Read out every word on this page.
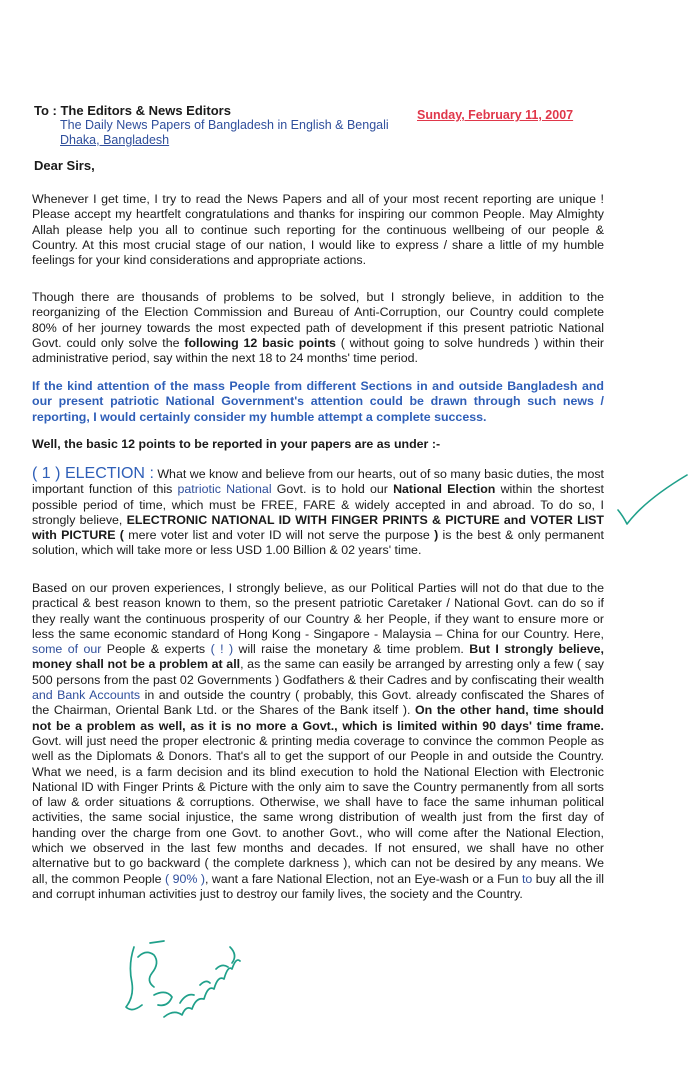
To : The Editors & News Editors
The Daily News Papers of Bangladesh in English & Bengali
Dhaka, Bangladesh
Sunday, February 11, 2007
Dear Sirs,
Whenever I get time, I try to read the News Papers and all of your most recent reporting are unique ! Please accept my heartfelt congratulations and thanks for inspiring our common People. May Almighty Allah please help you all to continue such reporting for the continuous wellbeing of our people & Country. At this most crucial stage of our nation, I would like to express / share a little of my humble feelings for your kind considerations and appropriate actions.
Though there are thousands of problems to be solved, but I strongly believe, in addition to the reorganizing of the Election Commission and Bureau of Anti-Corruption, our Country could complete 80% of her journey towards the most expected path of development if this present patriotic National Govt. could only solve the following 12 basic points ( without going to solve hundreds ) within their administrative period, say within the next 18 to 24 months' time period.
If the kind attention of the mass People from different Sections in and outside Bangladesh and our present patriotic National Government's attention could be drawn through such news / reporting, I would certainly consider my humble attempt a complete success.
Well, the basic 12 points to be reported in your papers are as under :-
( 1 ) ELECTION : What we know and believe from our hearts, out of so many basic duties, the most important function of this patriotic National Govt. is to hold our National Election within the shortest possible period of time, which must be FREE, FARE & widely accepted in and abroad. To do so, I strongly believe, ELECTRONIC NATIONAL ID WITH FINGER PRINTS & PICTURE and VOTER LIST with PICTURE ( mere voter list and voter ID will not serve the purpose ) is the best & only permanent solution, which will take more or less USD 1.00 Billion & 02 years' time.
Based on our proven experiences, I strongly believe, as our Political Parties will not do that due to the practical & best reason known to them, so the present patriotic Caretaker / National Govt. can do so if they really want the continuous prosperity of our Country & her People, if they want to ensure more or less the same economic standard of Hong Kong - Singapore - Malaysia – China for our Country. Here, some of our People & experts ( ! ) will raise the monetary & time problem. But I strongly believe, money shall not be a problem at all, as the same can easily be arranged by arresting only a few ( say 500 persons from the past 02 Governments ) Godfathers & their Cadres and by confiscating their wealth and Bank Accounts in and outside the country ( probably, this Govt. already confiscated the Shares of the Chairman, Oriental Bank Ltd. or the Shares of the Bank itself ). On the other hand, time should not be a problem as well, as it is no more a Govt., which is limited within 90 days' time frame. Govt. will just need the proper electronic & printing media coverage to convince the common People as well as the Diplomats & Donors. That's all to get the support of our People in and outside the Country. What we need, is a farm decision and its blind execution to hold the National Election with Electronic National ID with Finger Prints & Picture with the only aim to save the Country permanently from all sorts of law & order situations & corruptions. Otherwise, we shall have to face the same inhuman political activities, the same social injustice, the same wrong distribution of wealth just from the first day of handing over the charge from one Govt. to another Govt., who will come after the National Election, which we observed in the last few months and decades. If not ensured, we shall have no other alternative but to go backward ( the complete darkness ), which can not be desired by any means. We all, the common People ( 90% ), want a fare National Election, not an Eye-wash or a Fun to buy all the ill and corrupt inhuman activities just to destroy our family lives, the society and the Country.
